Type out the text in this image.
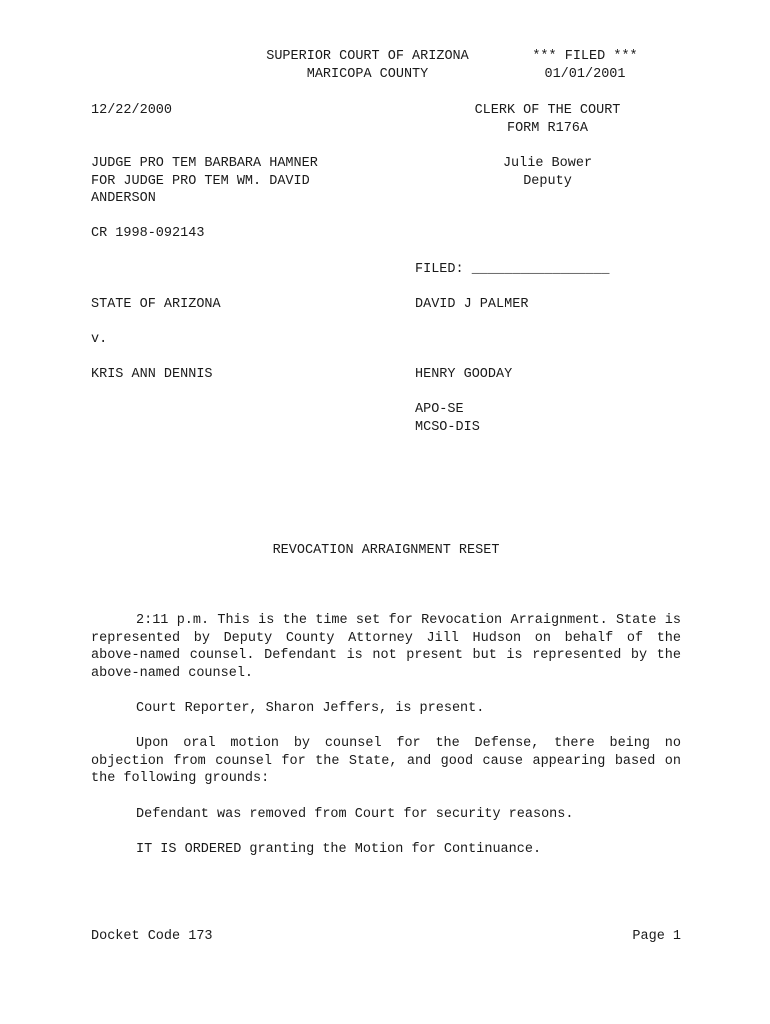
SUPERIOR COURT OF ARIZONA
MARICOPA COUNTY
*** FILED ***
01/01/2001
12/22/2000	CLERK OF THE COURT
FORM R176A
JUDGE PRO TEM BARBARA HAMNER
FOR JUDGE PRO TEM WM. DAVID
ANDERSON
Julie Bower
Deputy
CR 1998-092143
FILED: _________________
STATE OF ARIZONA	DAVID J PALMER
v.
KRIS ANN DENNIS	HENRY GOODAY
APO-SE
MCSO-DIS
REVOCATION ARRAIGNMENT RESET

2:11 p.m. This is the time set for Revocation Arraignment. State is represented by Deputy County Attorney Jill Hudson on behalf of the above-named counsel. Defendant is not present but is represented by the above-named counsel.

Court Reporter, Sharon Jeffers, is present.

Upon oral motion by counsel for the Defense, there being no objection from counsel for the State, and good cause appearing based on the following grounds:

Defendant was removed from Court for security reasons.

IT IS ORDERED granting the Motion for Continuance.

Docket Code 173	Page 1
